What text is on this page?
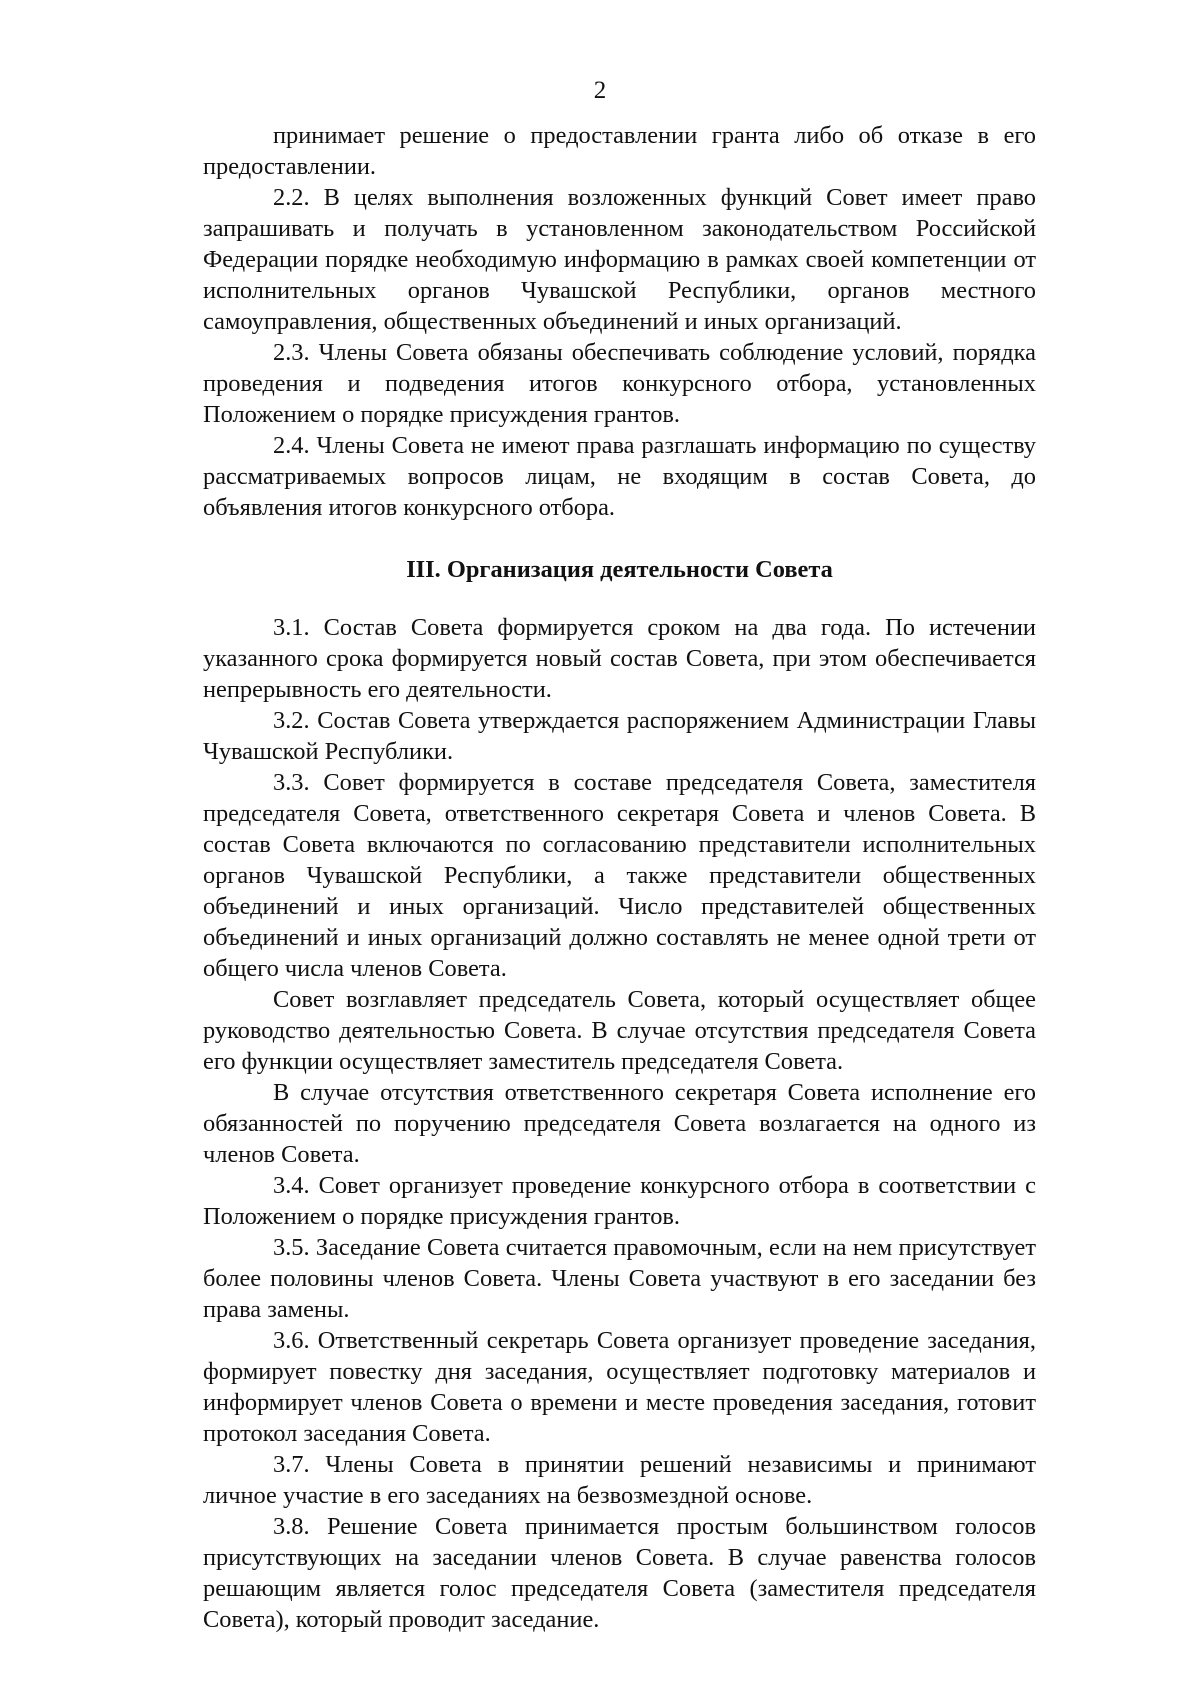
2

принимает решение о предоставлении гранта либо об отказе в его предоставлении.

2.2. В целях выполнения возложенных функций Совет имеет право запрашивать и получать в установленном законодательством Российской Федерации порядке необходимую информацию в рамках своей компетенции от исполнительных органов Чувашской Республики, органов местного самоуправления, общественных объединений и иных организаций.

2.3. Члены Совета обязаны обеспечивать соблюдение условий, порядка проведения и подведения итогов конкурсного отбора, установленных Положением о порядке присуждения грантов.

2.4. Члены Совета не имеют права разглашать информацию по существу рассматриваемых вопросов лицам, не входящим в состав Совета, до объявления итогов конкурсного отбора.

III. Организация деятельности Совета

3.1. Состав Совета формируется сроком на два года. По истечении указанного срока формируется новый состав Совета, при этом обеспечивается непрерывность его деятельности.

3.2. Состав Совета утверждается распоряжением Администрации Главы Чувашской Республики.

3.3. Совет формируется в составе председателя Совета, заместителя председателя Совета, ответственного секретаря Совета и членов Совета. В состав Совета включаются по согласованию представители исполнительных органов Чувашской Республики, а также представители общественных объединений и иных организаций. Число представителей общественных объединений и иных организаций должно составлять не менее одной трети от общего числа членов Совета.

Совет возглавляет председатель Совета, который осуществляет общее руководство деятельностью Совета. В случае отсутствия председателя Совета его функции осуществляет заместитель председателя Совета.

В случае отсутствия ответственного секретаря Совета исполнение его обязанностей по поручению председателя Совета возлагается на одного из членов Совета.

3.4. Совет организует проведение конкурсного отбора в соответствии с Положением о порядке присуждения грантов.

3.5. Заседание Совета считается правомочным, если на нем присутствует более половины членов Совета. Члены Совета участвуют в его заседании без права замены.

3.6. Ответственный секретарь Совета организует проведение заседания, формирует повестку дня заседания, осуществляет подготовку материалов и информирует членов Совета о времени и месте проведения заседания, готовит протокол заседания Совета.

3.7. Члены Совета в принятии решений независимы и принимают личное участие в его заседаниях на безвозмездной основе.

3.8. Решение Совета принимается простым большинством голосов присутствующих на заседании членов Совета. В случае равенства голосов решающим является голос председателя Совета (заместителя председателя Совета), который проводит заседание.
